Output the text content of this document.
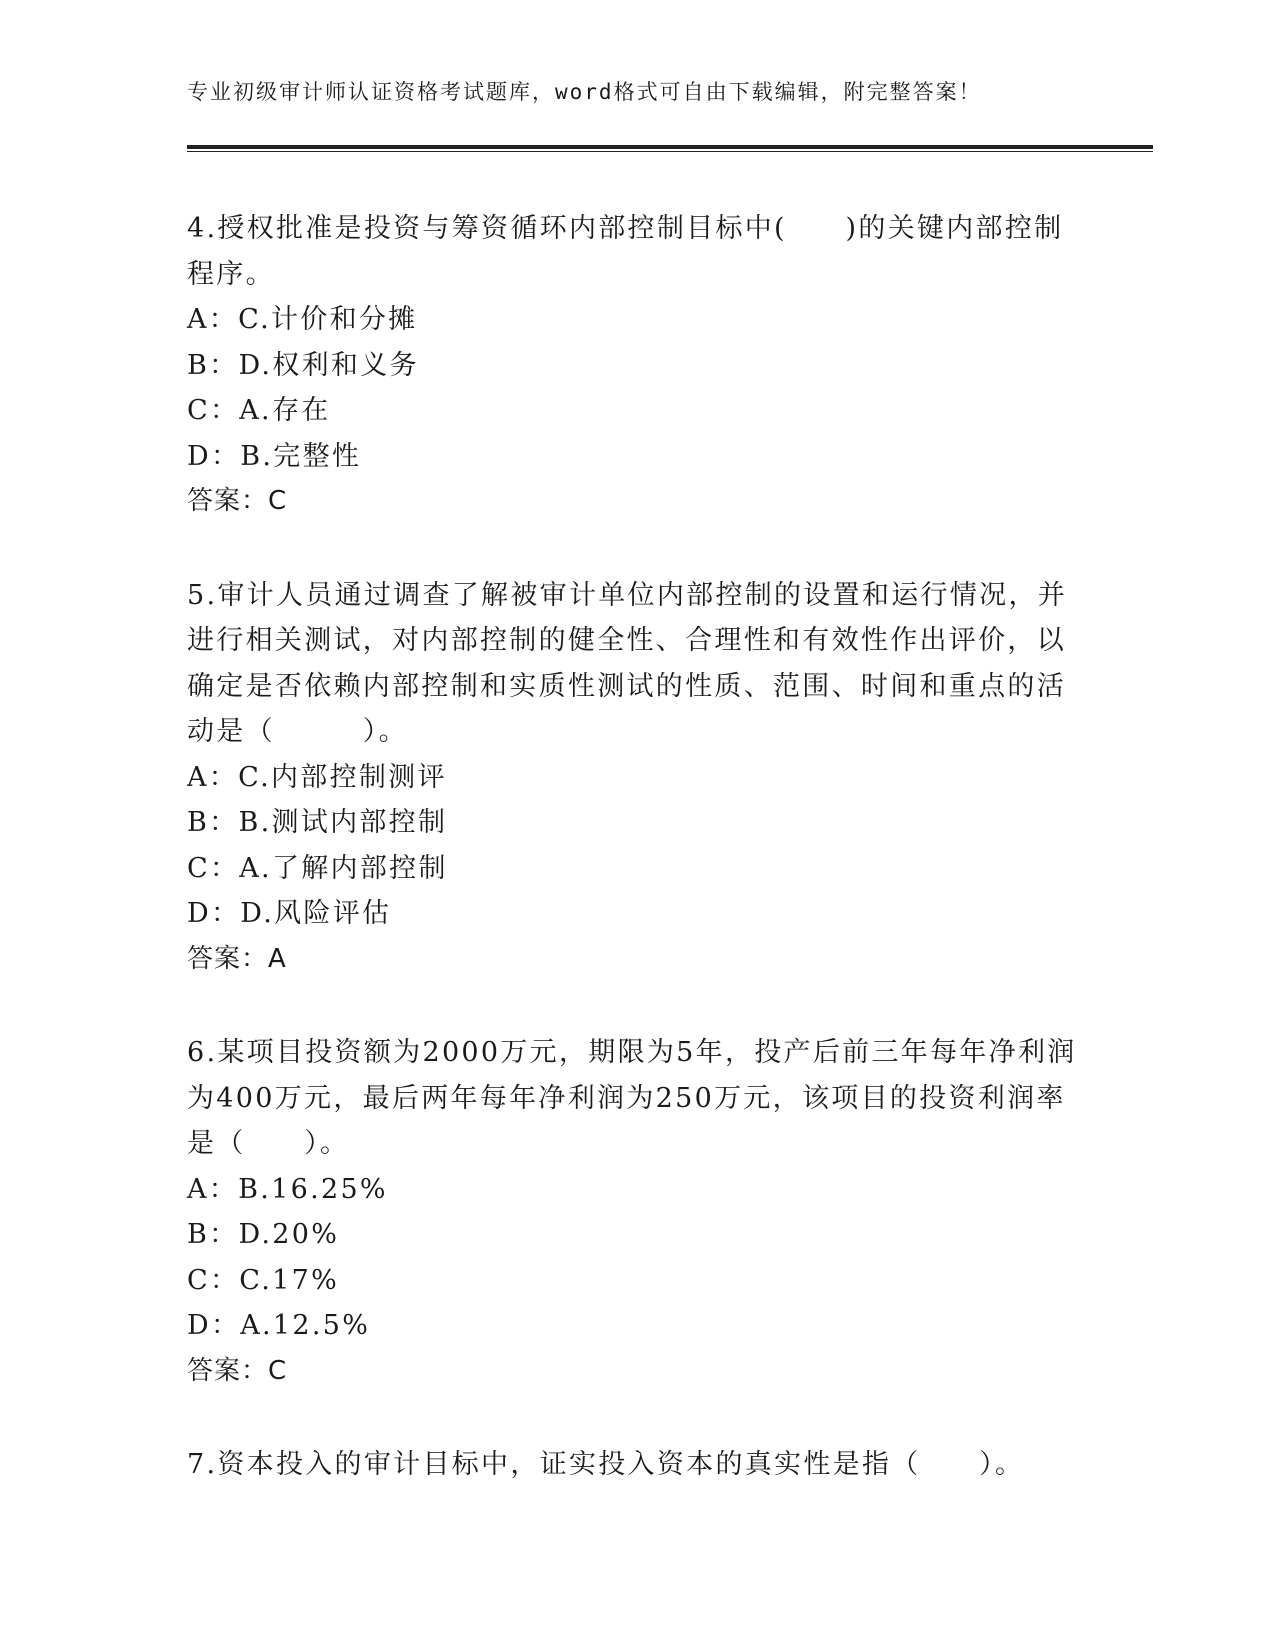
专业初级审计师认证资格考试题库，word格式可自由下载编辑，附完整答案！

4.授权批准是投资与筹资循环内部控制目标中(　　)的关键内部控制程序。

A：C.计价和分摊

B：D.权利和义务

C：A.存在

D：B.完整性

答案：C

5.审计人员通过调查了解被审计单位内部控制的设置和运行情况，并进行相关测试，对内部控制的健全性、合理性和有效性作出评价，以确定是否依赖内部控制和实质性测试的性质、范围、时间和重点的活动是（　　　）。

A：C.内部控制测评

B：B.测试内部控制

C：A.了解内部控制

D：D.风险评估

答案：A

6.某项目投资额为2000万元，期限为5年，投产后前三年每年净利润为400万元，最后两年每年净利润为250万元，该项目的投资利润率是（　　）。

A：B.16.25%

B：D.20%

C：C.17%

D：A.12.5%

答案：C

7.资本投入的审计目标中，证实投入资本的真实性是指（　　）。
